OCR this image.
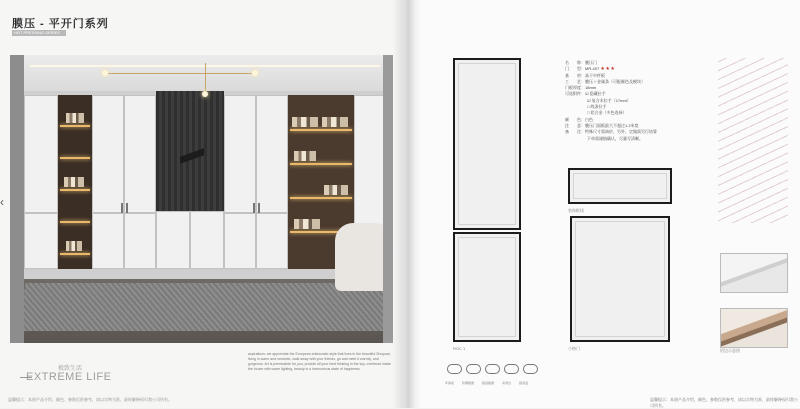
膜压 - 平开门系列
HOT PRESSING SERIES
极致生活
EXTREME LIFE
aspirations: we appreciate the European aristocratic style that lives in the beautiful Shuyuan, living in warm and romantic, walk away with your friends, go and meet it warmly, and gorgeous. Art is permissible for you, provide all your best thinking in the sky, overhead inside the house with warm lighting, beauty is a harmonious state of happiness.
温馨提示：本册产品介绍、颜色、参数仅供参考，请以实物为准，最终解释权归我公司所有。
‹
ROC 1
装饰框线
小格门
名　　称：膜压门
门　　型：MR-407 ★★★
基　　材：高干中纤板
工　　艺：膜压＋金属条（可配颜色及模块）
门板厚度：18mm
可选附件：☑ 隐藏拉手
☑ 复合木拉手（17mm）
□ 线条拉手
□ 铝合金（多色选择）
颜　　色：白色
注　　意：膜压门面板最大不超过1.2米宽
备　　注：特殊尺寸需询价，另外，定做需另行结算
下单需谨慎确认，尽量写清晰。
铝边示意图
环保板	防潮耐磨	耐刮耐磨	易清洁	耐高温
温馨提示：本册产品介绍、颜色、参数仅供参考，请以实物为准，最终解释权归我公司所有。
